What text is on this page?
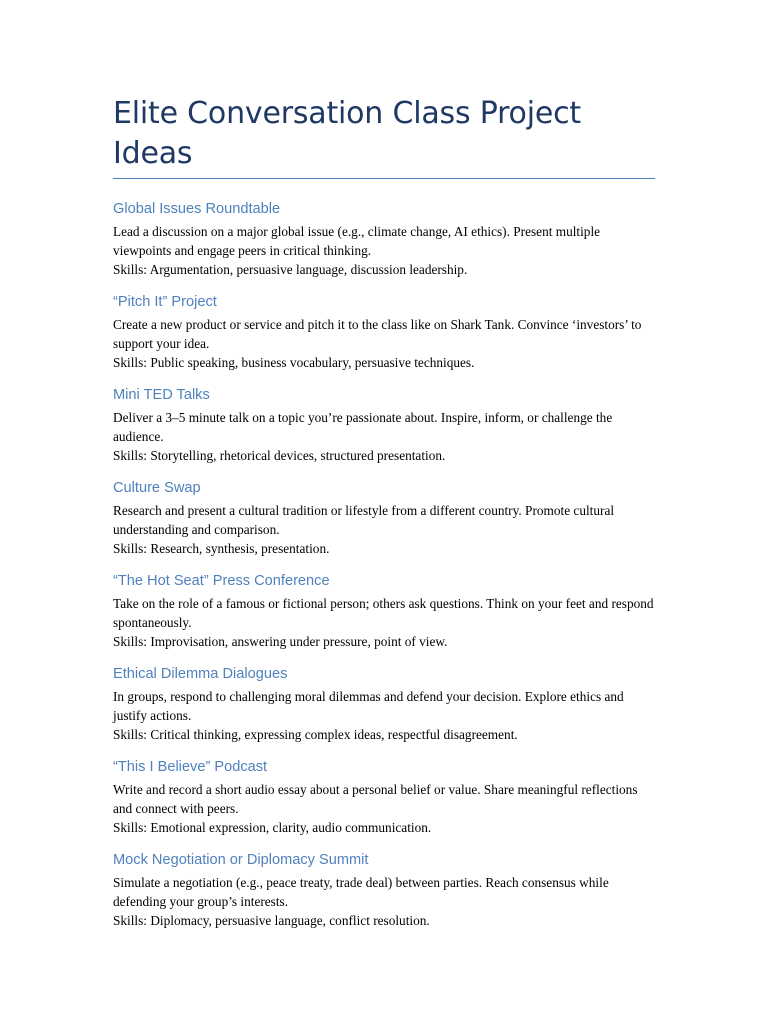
Elite Conversation Class Project Ideas
Global Issues Roundtable

Lead a discussion on a major global issue (e.g., climate change, AI ethics). Present multiple viewpoints and engage peers in critical thinking.

Skills: Argumentation, persuasive language, discussion leadership.

“Pitch It” Project

Create a new product or service and pitch it to the class like on Shark Tank. Convince ‘investors’ to support your idea.

Skills: Public speaking, business vocabulary, persuasive techniques.

Mini TED Talks

Deliver a 3–5 minute talk on a topic you’re passionate about. Inspire, inform, or challenge the audience.

Skills: Storytelling, rhetorical devices, structured presentation.

Culture Swap

Research and present a cultural tradition or lifestyle from a different country. Promote cultural understanding and comparison.

Skills: Research, synthesis, presentation.

“The Hot Seat” Press Conference

Take on the role of a famous or fictional person; others ask questions. Think on your feet and respond spontaneously.

Skills: Improvisation, answering under pressure, point of view.

Ethical Dilemma Dialogues

In groups, respond to challenging moral dilemmas and defend your decision. Explore ethics and justify actions.

Skills: Critical thinking, expressing complex ideas, respectful disagreement.

“This I Believe” Podcast

Write and record a short audio essay about a personal belief or value. Share meaningful reflections and connect with peers.

Skills: Emotional expression, clarity, audio communication.

Mock Negotiation or Diplomacy Summit

Simulate a negotiation (e.g., peace treaty, trade deal) between parties. Reach consensus while defending your group’s interests.

Skills: Diplomacy, persuasive language, conflict resolution.
